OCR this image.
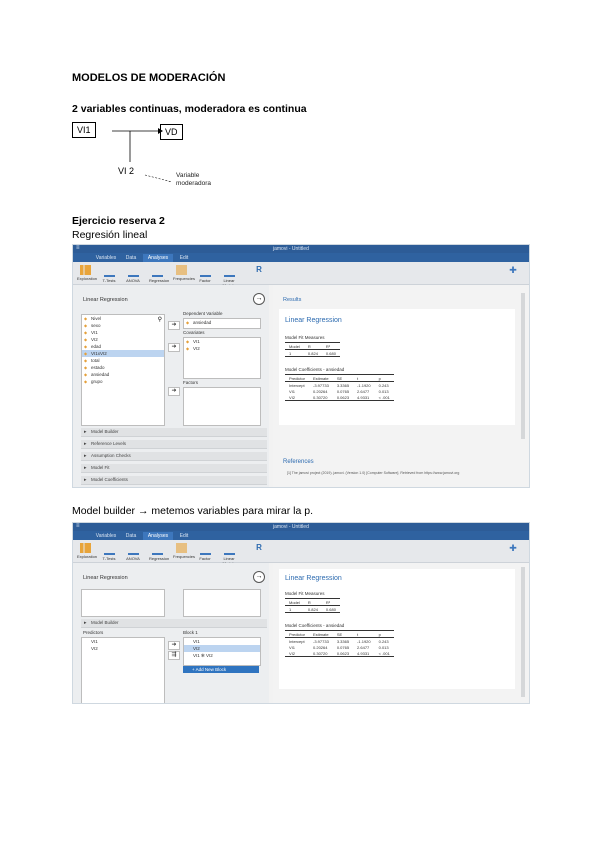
MODELOS DE MODERACIÓN
2 variables continuas, moderadora es continua
VI1	VD
VI 2	Variable
moderadora
Ejercicio reserva 2
Regresión lineal
jamovi - Untitled
≡
Variables	Data	Analyses	Edit
Exploration	T-Tests	ANOVA Regression Frequencies	Factor	Linear
R	✚
Linear Regression	→
◆ Nivel
◆ sexo
◆ VI1
◆ VI2
◆ edad
◆ VI1xVI2
◆ total
◆ estado
◆ ansiedad
◆ grupo
⚲
➜
➜
➜
Dependent Variable
◆ ansiedad
Covariates
◆ VI1
◆ VI2
Factors
▸ Model Builder
▸ Reference Levels
▸ Assumption Checks
▸ Model Fit
▸ Model Coefficients
Results
Linear Regression
Model Fit Measures
Model	R	R²
1	0.824	0.680
Model Coefficients - ansiedad
Predictor	Estimate	SE	t	p
Intercept	-3.97733	3.3365	-1.1920	0.243
VI1	0.20264	0.0765	2.6477	0.013
VI2	0.30720	0.0623	4.9331	< .001
References
[1] The jamovi project (2019). jamovi. (Version 1.0) [Computer Software]. Retrieved from https://www.jamovi.org
Model builder → metemos variables para mirar la p.
jamovi - Untitled
≡
Variables	Data	Analyses	Edit
Exploration	T-Tests	ANOVA Regression Frequencies	Factor	Linear
R	✚
Linear Regression	→
▸ Model Builder
Predictors
VI1
VI2
➜
⇶
Block 1
VI1
VI2
VI1 ✻ VI2
+ Add New Block
Linear Regression
Model Fit Measures
Model	R	R²
1	0.824	0.680
Model Coefficients - ansiedad
Predictor	Estimate	SE	t	p
Intercept	-3.97733	3.3365	-1.1920	0.243
VI1	0.20264	0.0765	2.6477	0.013
VI2	0.30720	0.0623	4.9331	< .001
